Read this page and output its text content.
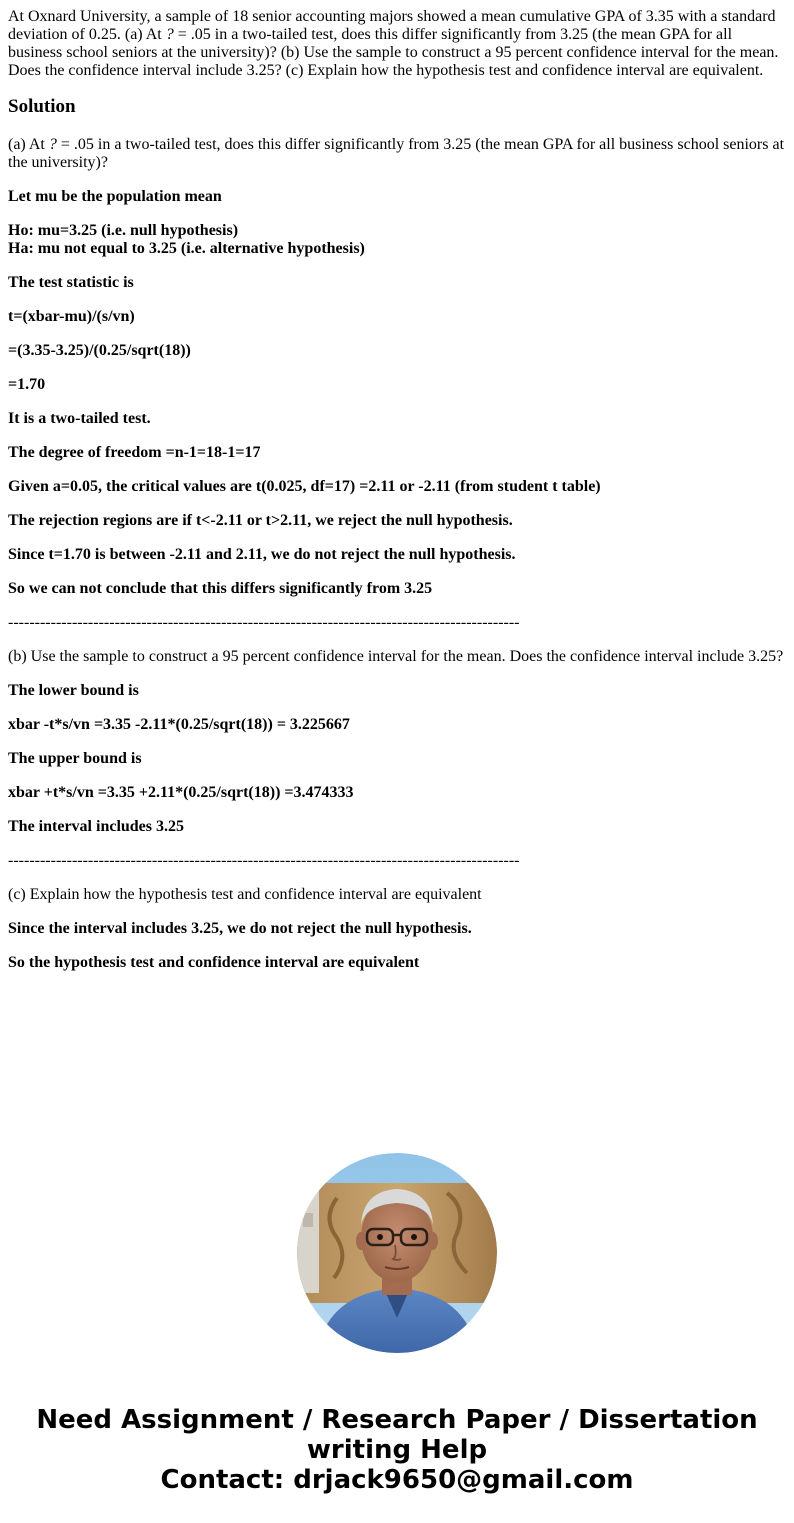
At Oxnard University, a sample of 18 senior accounting majors showed a mean cumulative GPA of 3.35 with a standard deviation of 0.25. (a) At ? = .05 in a two-tailed test, does this differ significantly from 3.25 (the mean GPA for all business school seniors at the university)? (b) Use the sample to construct a 95 percent confidence interval for the mean. Does the confidence interval include 3.25? (c) Explain how the hypothesis test and confidence interval are equivalent.

Solution

(a) At ? = .05 in a two-tailed test, does this differ significantly from 3.25 (the mean GPA for all business school seniors at the university)?

Let mu be the population mean

Ho: mu=3.25 (i.e. null hypothesis)
Ha: mu not equal to 3.25 (i.e. alternative hypothesis)

The test statistic is

t=(xbar-mu)/(s/vn)

=(3.35-3.25)/(0.25/sqrt(18))

=1.70

It is a two-tailed test.

The degree of freedom =n-1=18-1=17

Given a=0.05, the critical values are t(0.025, df=17) =2.11 or -2.11 (from student t table)

The rejection regions are if t<-2.11 or t>2.11, we reject the null hypothesis.

Since t=1.70 is between -2.11 and 2.11, we do not reject the null hypothesis.

So we can not conclude that this differs significantly from 3.25

------------------------------------------------------------------------------------------------

(b) Use the sample to construct a 95 percent confidence interval for the mean. Does the confidence interval include 3.25?

The lower bound is

xbar -t*s/vn =3.35 -2.11*(0.25/sqrt(18)) = 3.225667

The upper bound is

xbar +t*s/vn =3.35 +2.11*(0.25/sqrt(18)) =3.474333

The interval includes 3.25

------------------------------------------------------------------------------------------------

(c) Explain how the hypothesis test and confidence interval are equivalent

Since the interval includes 3.25, we do not reject the null hypothesis.

So the hypothesis test and confidence interval are equivalent

Need Assignment / Research Paper / Dissertation
writing Help
Contact: drjack9650@gmail.com
